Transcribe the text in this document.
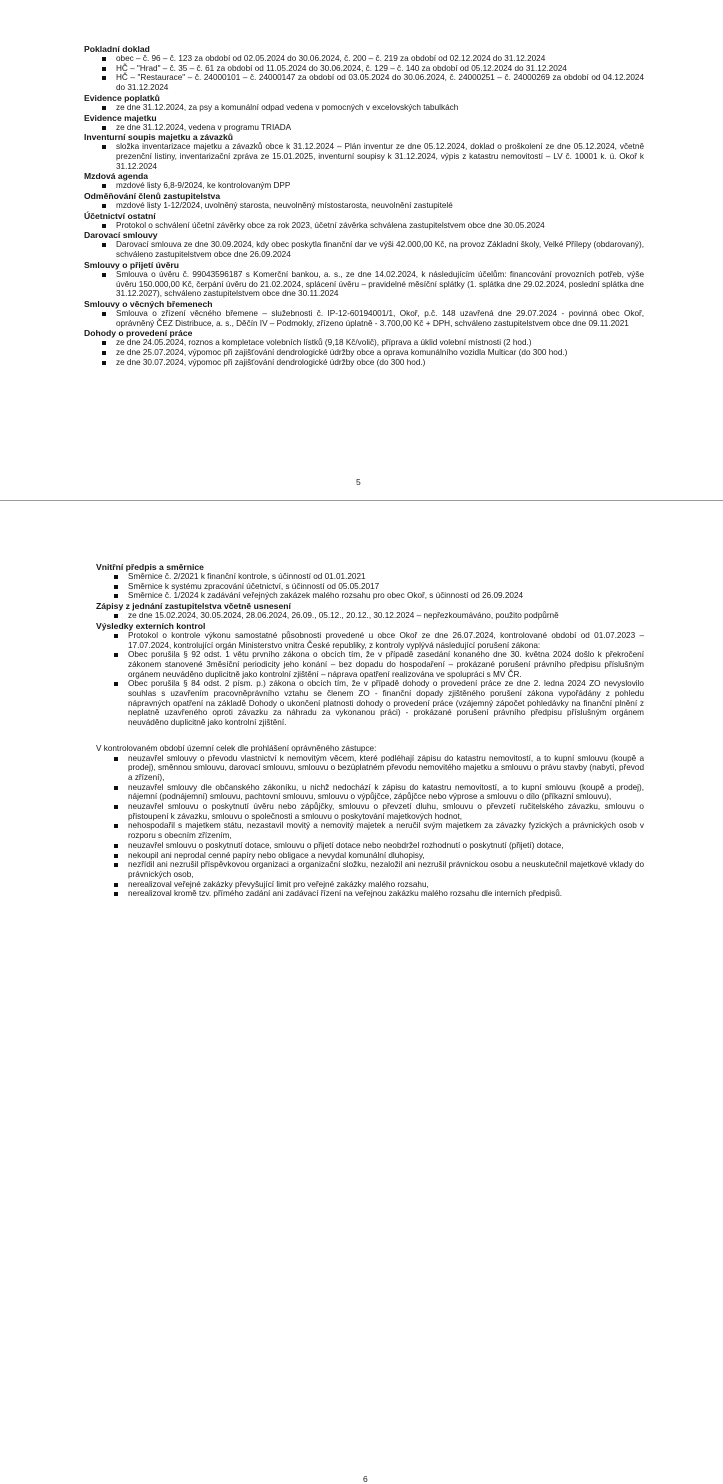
Pokladní doklad
obec – č. 96 – č. 123 za období od 02.05.2024 do 30.06.2024, č. 200 – č. 219 za období od 02.12.2024 do 31.12.2024
HČ – "Hrad" – č. 35 – č. 61 za období od 11.05.2024 do 30.06.2024, č. 129 – č. 140 za období od 05.12.2024 do 31.12.2024
HČ – "Restaurace" – č. 24000101 – č. 24000147 za období od 03.05.2024 do 30.06.2024, č. 24000251 – č. 24000269 za období od 04.12.2024 do 31.12.2024
Evidence poplatků
ze dne 31.12.2024, za psy a komunální odpad vedena v pomocných v excelovských tabulkách
Evidence majetku
ze dne 31.12.2024, vedena v programu TRIADA
Inventurní soupis majetku a závazků
složka inventarizace majetku a závazků obce k 31.12.2024 – Plán inventur ze dne 05.12.2024, doklad o proškolení ze dne 05.12.2024, včetně prezenční listiny, inventarizační zpráva ze 15.01.2025, inventurní soupisy k 31.12.2024, výpis z katastru nemovitostí – LV č. 10001 k. ú. Okoř k 31.12.2024
Mzdová agenda
mzdové listy 6,8-9/2024, ke kontrolovaným DPP
Odměňování členů zastupitelstva
mzdové listy 1-12/2024, uvolněný starosta, neuvolněný místostarosta, neuvolnění zastupitelé
Účetnictví ostatní
Protokol o schválení účetní závěrky obce za rok 2023, účetní závěrka schválena zastupitelstvem obce dne 30.05.2024
Darovací smlouvy
Darovací smlouva ze dne 30.09.2024, kdy obec poskytla finanční dar ve výši 42.000,00 Kč, na provoz Základní školy, Velké Přílepy (obdarovaný), schváleno zastupitelstvem obce dne 26.09.2024
Smlouvy o přijetí úvěru
Smlouva o úvěru č. 99043596187 s Komerční bankou, a. s., ze dne 14.02.2024, k následujícím účelům: financování provozních potřeb, výše úvěru 150.000,00 Kč, čerpání úvěru do 21.02.2024, splácení úvěru – pravidelné měsíční splátky (1. splátka dne 29.02.2024, poslední splátka dne 31.12.2027), schváleno zastupitelstvem obce dne 30.11.2024
Smlouvy o věcných břemenech
Smlouva o zřízení věcného břemene – služebnosti č. IP-12-60194001/1, Okoř, p.č. 148 uzavřená dne 29.07.2024 - povinná obec Okoř, oprávněný ČEZ Distribuce, a. s., Děčín IV – Podmokly, zřízeno úplatně - 3.700,00 Kč + DPH, schváleno zastupitelstvem obce dne 09.11.2021
Dohody o provedení práce
ze dne 24.05.2024, roznos a kompletace volebních lístků (9,18 Kč/volič), příprava a úklid volební místnosti (2 hod.)
ze dne 25.07.2024, výpomoc při zajišťování dendrologické údržby obce a oprava komunálního vozidla Multicar (do 300 hod.)
ze dne 30.07.2024, výpomoc při zajišťování dendrologické údržby obce (do 300 hod.)
5
Vnitřní předpis a směrnice
Směrnice č. 2/2021 k finanční kontrole, s účinností od 01.01.2021
Směrnice k systému zpracování účetnictví, s účinností od 05.05.2017
Směrnice č. 1/2024 k zadávání veřejných zakázek malého rozsahu pro obec Okoř, s účinností od 26.09.2024
Zápisy z jednání zastupitelstva včetně usnesení
ze dne 15.02.2024, 30.05.2024, 28.06.2024, 26.09., 05.12., 20.12., 30.12.2024 – nepřezkoumáváno, použito podpůrně
Výsledky externích kontrol
Protokol o kontrole výkonu samostatné působnosti provedené u obce Okoř ze dne 26.07.2024, kontrolované období od 01.07.2023 – 17.07.2024, kontrolující orgán Ministerstvo vnitra České republiky, z kontroly vyplývá následující porušení zákona:
Obec porušila § 92 odst. 1 větu prvního zákona o obcích tím, že v případě zasedání konaného dne 30. května 2024 došlo k překročení zákonem stanovené 3měsíční periodicity jeho konání – bez dopadu do hospodaření – prokázané porušení právního předpisu příslušným orgánem neuváděno duplicitně jako kontrolní zjištění – náprava opatření realizována ve spolupráci s MV ČR.
Obec porušila § 84 odst. 2 písm. p.) zákona o obcích tím, že v případě dohody o provedení práce ze dne 2. ledna 2024 ZO nevyslovilo souhlas s uzavřením pracovněprávního vztahu se členem ZO - finanční dopady zjištěného porušení zákona vypořádány z pohledu nápravných opatření na základě Dohody o ukončení platnosti dohody o provedení práce (vzájemný zápočet pohledávky na finanční plnění z neplatně uzavřeného oproti závazku za náhradu za vykonanou práci) - prokázané porušení právního předpisu příslušným orgánem neuváděno duplicitně jako kontrolní zjištění.
V kontrolovaném období územní celek dle prohlášení oprávněného zástupce:
neuzavřel smlouvy o převodu vlastnictví k nemovitým věcem, které podléhají zápisu do katastru nemovitostí, a to kupní smlouvu (koupě a prodej), směnnou smlouvu, darovací smlouvu, smlouvu o bezúplatném převodu nemovitého majetku a smlouvu o právu stavby (nabytí, převod a zřízení),
neuzavřel smlouvy dle občanského zákoníku, u nichž nedochází k zápisu do katastru nemovitostí, a to kupní smlouvu (koupě a prodej), nájemní (podnájemní) smlouvu, pachtovní smlouvu, smlouvu o výpůjčce, zápůjčce nebo výprose a smlouvu o dílo (příkazní smlouvu),
neuzavřel smlouvu o poskytnutí úvěru nebo zápůjčky, smlouvu o převzetí dluhu, smlouvu o převzetí ručitelského závazku, smlouvu o přistoupení k závazku, smlouvu o společnosti a smlouvu o poskytování majetkových hodnot,
nehospodařil s majetkem státu, nezastavil movitý a nemovitý majetek a neručil svým majetkem za závazky fyzických a právnických osob v rozporu s obecním zřízením,
neuzavřel smlouvu o poskytnutí dotace, smlouvu o přijetí dotace nebo neobdržel rozhodnutí o poskytnutí (přijetí) dotace,
nekoupil ani neprodal cenné papíry nebo obligace a nevydal komunální dluhopisy,
nezřídil ani nezrušil příspěvkovou organizaci a organizační složku, nezaložil ani nezrušil právnickou osobu a neuskutečnil majetkové vklady do právnických osob,
nerealizoval veřejné zakázky převyšující limit pro veřejné zakázky malého rozsahu,
nerealizoval kromě tzv. přímého zadání ani zadávací řízení na veřejnou zakázku malého rozsahu dle interních předpisů.
6
